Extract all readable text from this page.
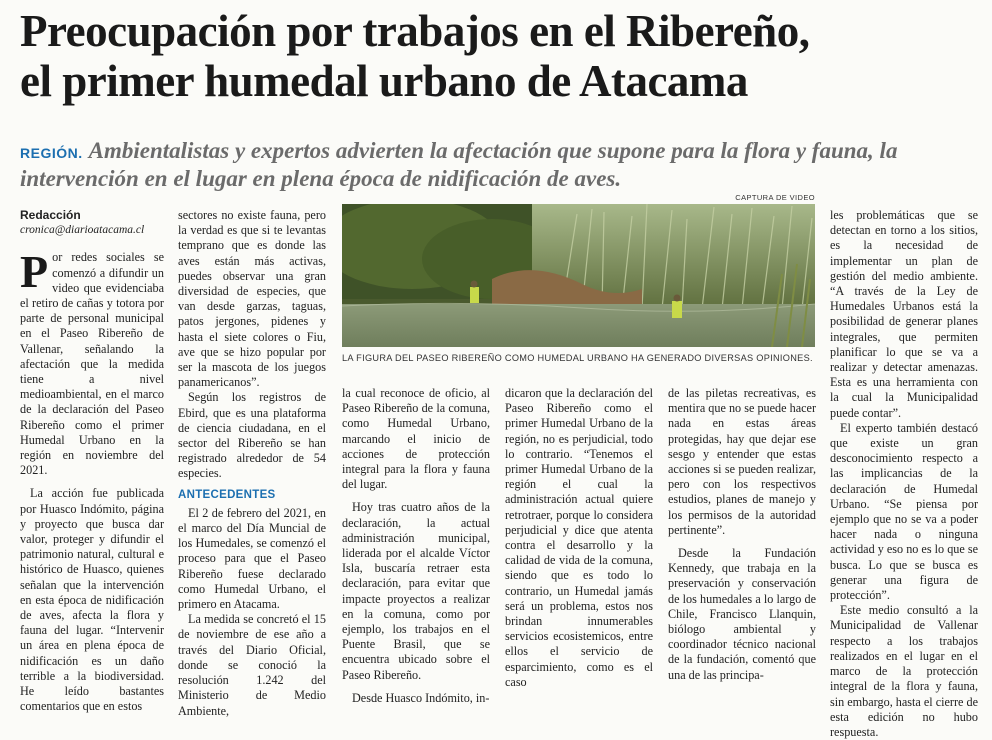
Preocupación por trabajos en el Ribereño,
el primer humedal urbano de Atacama
REGIÓN. Ambientalistas y expertos advierten la afectación que supone para la flora y fauna, la intervención en el lugar en plena época de nidificación de aves.
Redacción
cronica@diarioatacama.cl

Por redes sociales se comenzó a difundir un video que evidenciaba el retiro de cañas y totora por parte de personal municipal en el Paseo Ribereño de Vallenar, señalando la afectación que la medida tiene a nivel medioambiental, en el marco de la declaración del Paseo Ribereño como el primer Humedal Urbano en la región en noviembre del 2021.

La acción fue publicada por Huasco Indómito, página y proyecto que busca dar valor, proteger y difundir el patrimonio natural, cultural e histórico de Huasco, quienes señalan que la intervención en esta época de nidificación de aves, afecta la flora y fauna del lugar. “Intervenir un área en plena época de nidificación es un daño terrible a la biodiversidad. He leído bastantes comentarios que en estos

sectores no existe fauna, pero la verdad es que si te levantas temprano que es donde las aves están más activas, puedes observar una gran diversidad de especies, que van desde garzas, taguas, patos jergones, pidenes y hasta el siete colores o Fiu, ave que se hizo popular por ser la mascota de los juegos panamericanos”.

Según los registros de Ebird, que es una plataforma de ciencia ciudadana, en el sector del Ribereño se han registrado alrededor de 54 especies.

ANTECEDENTES

El 2 de febrero del 2021, en el marco del Día Muncial de los Humedales, se comenzó el proceso para que el Paseo Ribereño fuese declarado como Humedal Urbano, el primero en Atacama.

La medida se concretó el 15 de noviembre de ese año a través del Diario Oficial, donde se conoció la resolución 1.242 del Ministerio de Medio Ambiente,

CAPTURA DE VIDEO
LA FIGURA DEL PASEO RIBEREÑO COMO HUMEDAL URBANO HA GENERADO DIVERSAS OPINIONES.

la cual reconoce de oficio, al Paseo Ribereño de la comuna, como Humedal Urbano, marcando el inicio de acciones de protección integral para la flora y fauna del lugar.

Hoy tras cuatro años de la declaración, la actual administración municipal, liderada por el alcalde Víctor Isla, buscaría retraer esta declaración, para evitar que impacte proyectos a realizar en la comuna, como por ejemplo, los trabajos en el Puente Brasil, que se encuentra ubicado sobre el Paseo Ribereño.

Desde Huasco Indómito, in-

dicaron que la declaración del Paseo Ribereño como el primer Humedal Urbano de la región, no es perjudicial, todo lo contrario. “Tenemos el primer Humedal Urbano de la región el cual la administración actual quiere retrotraer, porque lo considera perjudicial y dice que atenta contra el desarrollo y la calidad de vida de la comuna, siendo que es todo lo contrario, un Humedal jamás será un problema, estos nos brindan innumerables servicios ecosistemicos, entre ellos el servicio de esparcimiento, como es el caso

de las piletas recreativas, es mentira que no se puede hacer nada en estas áreas protegidas, hay que dejar ese sesgo y entender que estas acciones si se pueden realizar, pero con los respectivos estudios, planes de manejo y los permisos de la autoridad pertinente”.

Desde la Fundación Kennedy, que trabaja en la preservación y conservación de los humedales a lo largo de Chile, Francisco Llanquin, biólogo ambiental y coordinador técnico nacional de la fundación, comentó que una de las principa-

les problemáticas que se detectan en torno a los sitios, es la necesidad de implementar un plan de gestión del medio ambiente. “A través de la Ley de Humedales Urbanos está la posibilidad de generar planes integrales, que permiten planificar lo que se va a realizar y detectar amenazas. Esta es una herramienta con la cual la Municipalidad puede contar”.

El experto también destacó que existe un gran desconocimiento respecto a las implicancias de la declaración de Humedal Urbano. “Se piensa por ejemplo que no se va a poder hacer nada o ninguna actividad y eso no es lo que se busca. Lo que se busca es generar una figura de protección”.

Este medio consultó a la Municipalidad de Vallenar respecto a los trabajos realizados en el lugar en el marco de la protección integral de la flora y fauna, sin embargo, hasta el cierre de esta edición no hubo respuesta.
